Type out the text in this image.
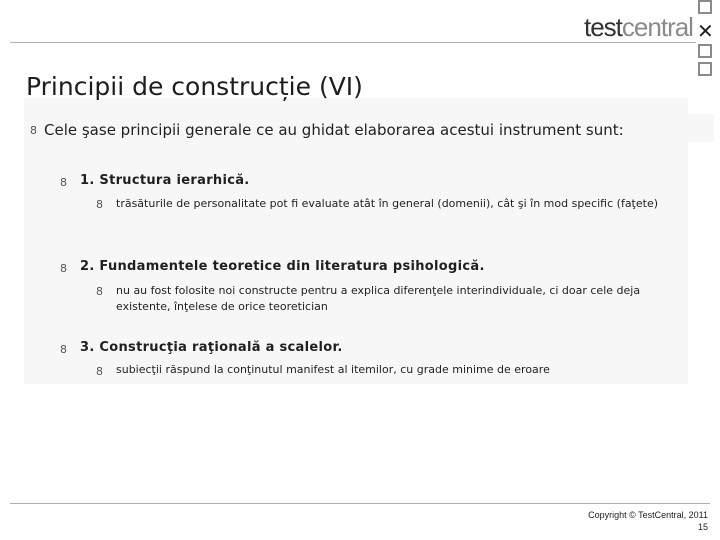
testcentral ✕
Principii de construcție (VI)
8 Cele şase principii generale ce au ghidat elaborarea acestui instrument sunt:
8 1. Structura ierarhică.
8 trăsăturile de personalitate pot fi evaluate atât în general (domenii), cât şi în mod specific (faţete)
8 2. Fundamentele teoretice din literatura psihologică.
8 nu au fost folosite noi constructe pentru a explica diferenţele interindividuale, ci doar cele deja existente, înţelese de orice teoretician
8 3. Construcţia raţională a scalelor.
8 subiecţii răspund la conţinutul manifest al itemilor, cu grade minime de eroare
Copyright © TestCentral, 2011
15
